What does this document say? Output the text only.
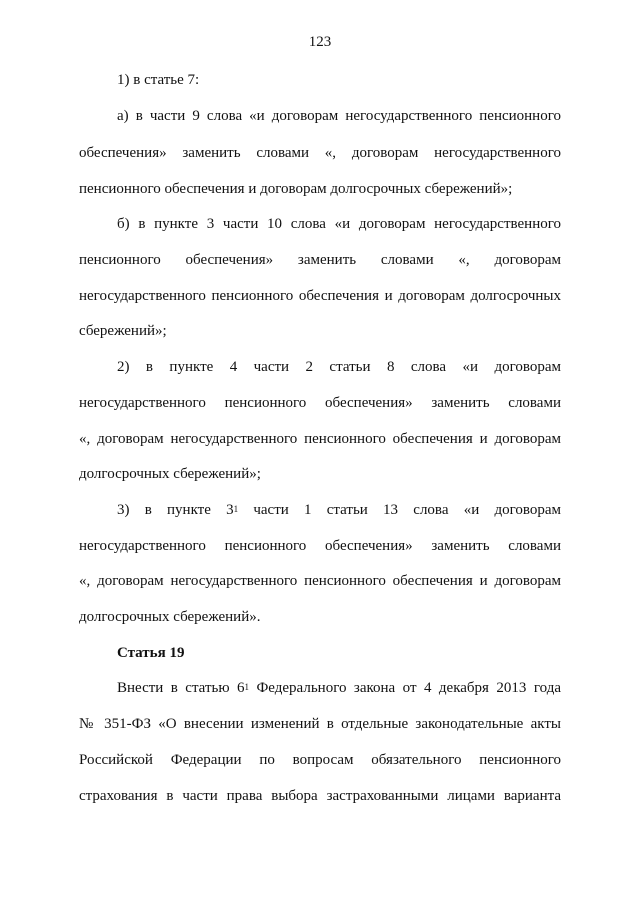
123
1) в статье 7:
а) в части 9 слова «и договорам негосударственного пенсионного
обеспечения» заменить словами «, договорам негосударственного
пенсионного обеспечения и договорам долгосрочных сбережений»;
б) в пункте 3 части 10 слова «и договорам негосударственного
пенсионного обеспечения» заменить словами «, договорам
негосударственного пенсионного обеспечения и договорам долгосрочных
сбережений»;
2) в пункте 4 части 2 статьи 8 слова «и договорам
негосударственного пенсионного обеспечения» заменить словами
«, договорам негосударственного пенсионного обеспечения и договорам
долгосрочных сбережений»;
3) в пункте $3^1$ части 1 статьи 13 слова «и договорам
негосударственного пенсионного обеспечения» заменить словами
«, договорам негосударственного пенсионного обеспечения и договорам
долгосрочных сбережений».
Статья 19
Внести в статью $6^1$ Федерального закона от 4 декабря 2013 года
№ 351-ФЗ «О внесении изменений в отдельные законодательные акты
Российской Федерации по вопросам обязательного пенсионного
страхования в части права выбора застрахованными лицами варианта
